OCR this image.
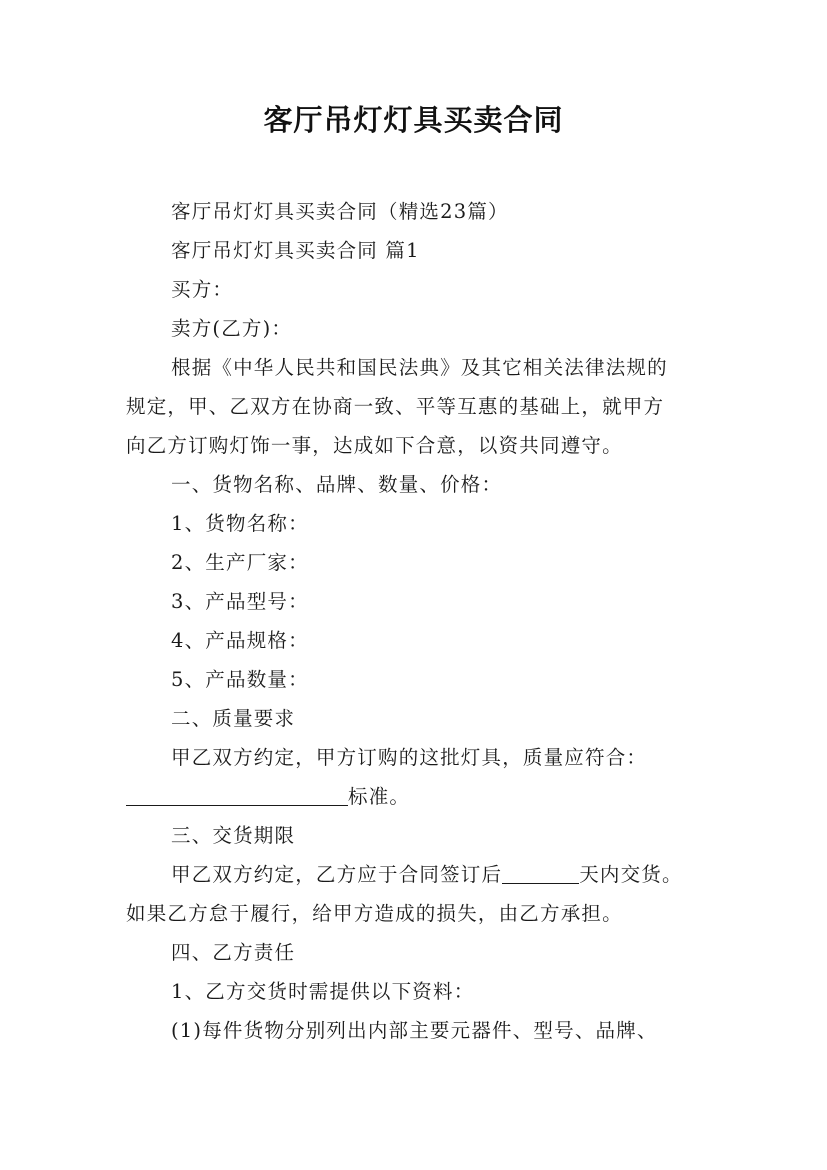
客厅吊灯灯具买卖合同
客厅吊灯灯具买卖合同（精选23篇）
客厅吊灯灯具买卖合同 篇1
买方：
卖方(乙方)：
根据《中华人民共和国民法典》及其它相关法律法规的
规定，甲、乙双方在协商一致、平等互惠的基础上，就甲方
向乙方订购灯饰一事，达成如下合意，以资共同遵守。
一、货物名称、品牌、数量、价格：
1、货物名称：
2、生产厂家：
3、产品型号：
4、产品规格：
5、产品数量：
二、质量要求
甲乙双方约定，甲方订购的这批灯具，质量应符合：
标准。
三、交货期限
甲乙双方约定，乙方应于合同签订后	天内交货。
如果乙方怠于履行，给甲方造成的损失，由乙方承担。
四、乙方责任
1、乙方交货时需提供以下资料：
(1)每件货物分别列出内部主要元器件、型号、品牌、
